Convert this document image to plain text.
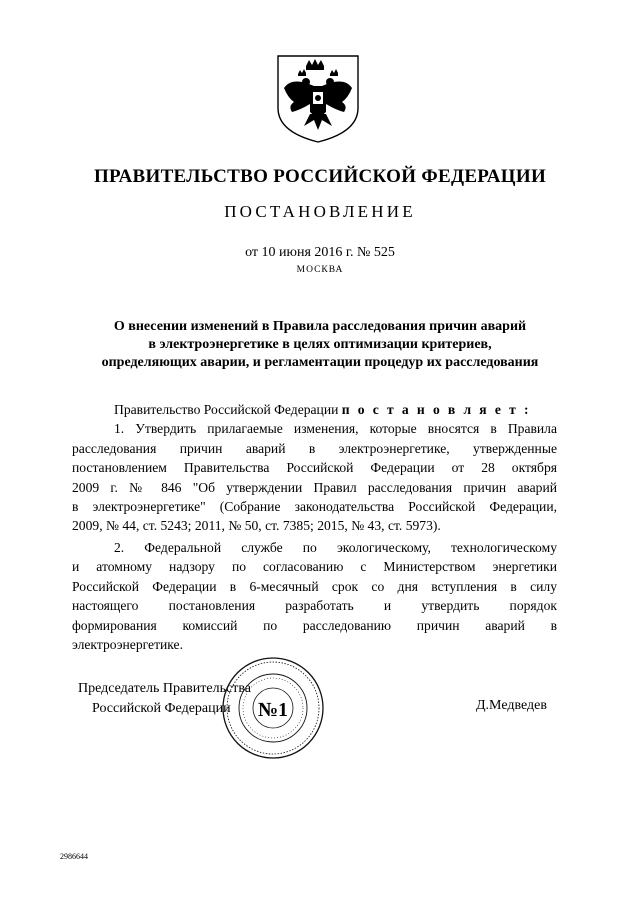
ПРАВИТЕЛЬСТВО РОССИЙСКОЙ ФЕДЕРАЦИИ
ПОСТАНОВЛЕНИЕ
от 10 июня 2016 г. № 525
МОСКВА
О внесении изменений в Правила расследования причин аварий
в электроэнергетике в целях оптимизации критериев,
определяющих аварии, и регламентации процедур их расследования
Правительство Российской Федерации п о с т а н о в л я е т :
1. Утвердить прилагаемые изменения, которые вносятся в Правила
расследования причин аварий в электроэнергетике, утвержденные
постановлением Правительства Российской Федерации от 28 октября
2009 г. № 846 "Об утверждении Правил расследования причин аварий
в электроэнергетике" (Собрание законодательства Российской Федерации,
2009, № 44, ст. 5243; 2011, № 50, ст. 7385; 2015, № 43, ст. 5973).
2. Федеральной службе по экологическому, технологическому
и атомному надзору по согласованию с Министерством энергетики
Российской Федерации в 6-месячный срок со дня вступления в силу
настоящего постановления разработать и утвердить порядок
формирования комиссий по расследованию причин аварий в
электроэнергетике.
Председатель Правительства
Российской Федерации	№1	Д.Медведев
2986644
